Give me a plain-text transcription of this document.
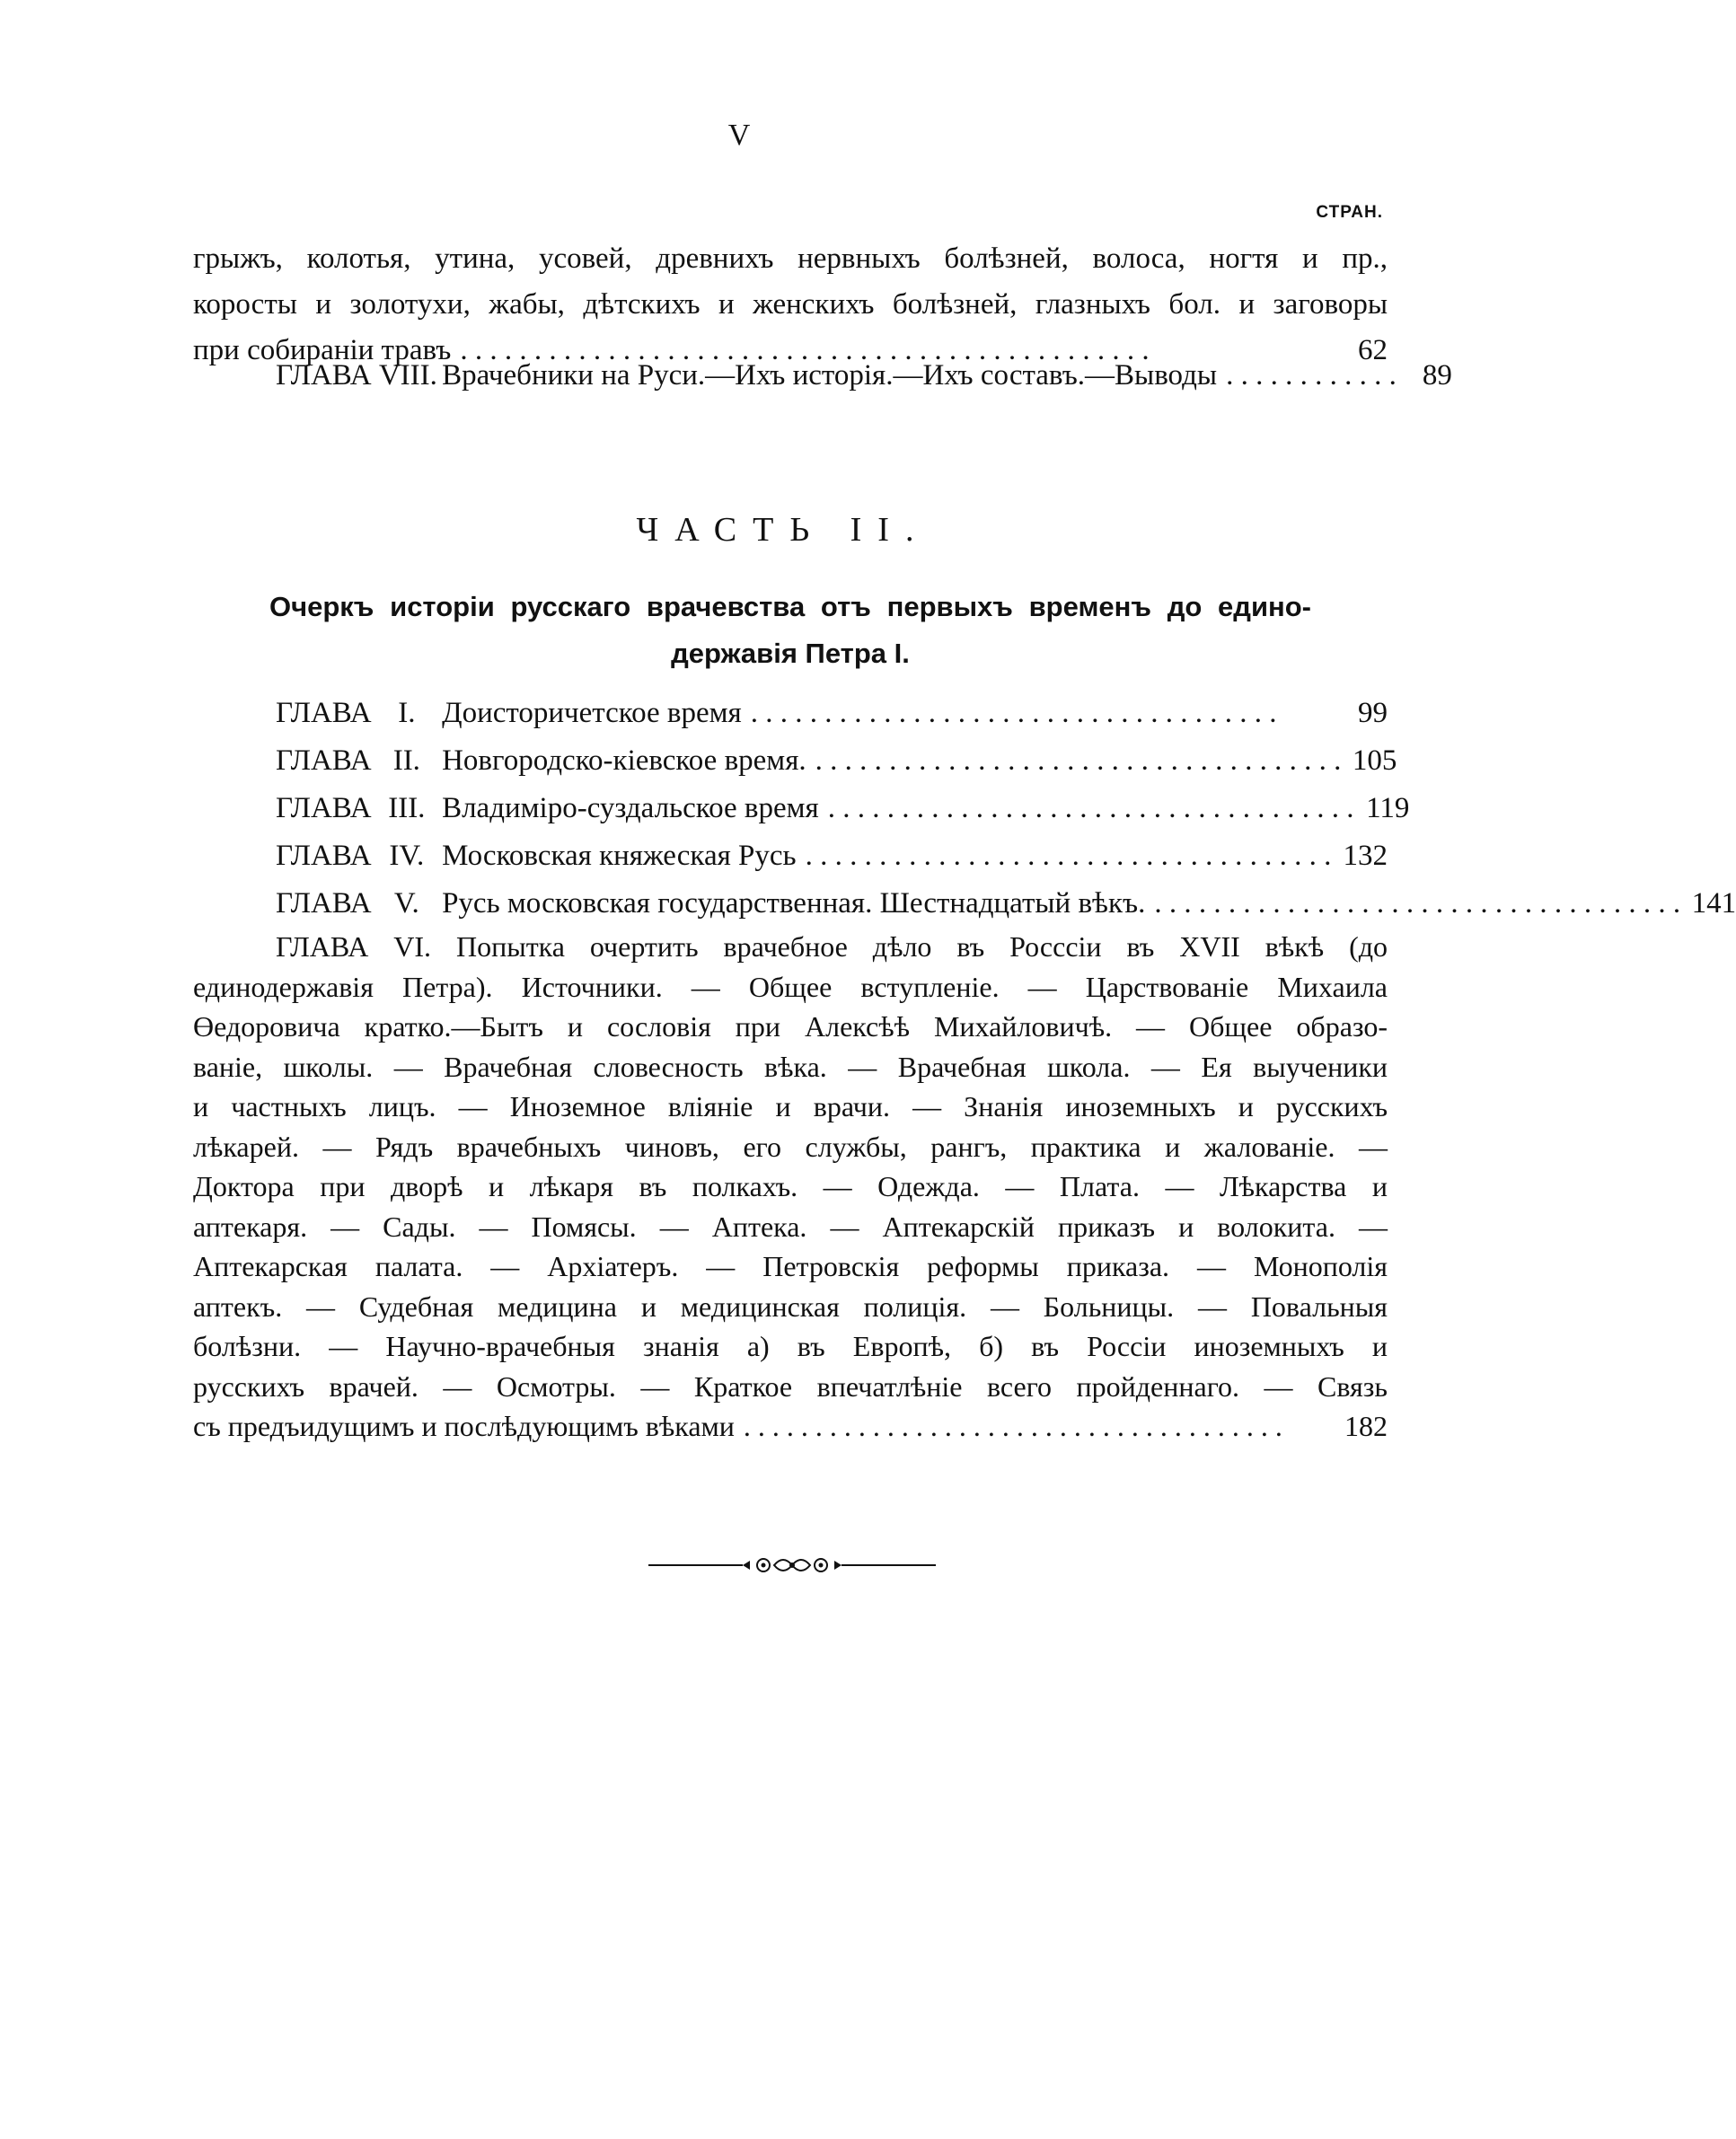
V
СТРАН.
грыжъ, колотья, утина, усовей, древнихъ нервныхъ болѣзней, волоса, ногтя и пр.,
коросты и золотухи, жабы, дѣтскихъ и женскихъ болѣзней, глазныхъ бол. и заговоры
при собираніи травъ . . . . . . . . . . . . . . . . . . . . . . . . . . . . . . . . . . . . . . . . . . . . . . .	62
ГЛАВА VIII. Врачебники на Руси.—Ихъ исторія.—Ихъ составъ.—Выводы . . . . . . . . . . . . 89
ЧАСТЬ II.
Очеркъ исторіи русскаго врачевства отъ первыхъ временъ до едино-
державія Петра I.
ГЛАВА I. Доисторичетское время . . . . . . . . . . . . . . . . . . . . . . . . . . . . . . . . . . . .	99
ГЛАВА II. Новгородско-кіевское время. . . . . . . . . . . . . . . . . . . . . . . . . . . . . . . . . . . . . 105
ГЛАВА III. Владиміро-суздальское время . . . . . . . . . . . . . . . . . . . . . . . . . . . . . . . . . . . . 119
ГЛАВА IV. Московская княжеская Русь . . . . . . . . . . . . . . . . . . . . . . . . . . . . . . . . . . . . 132
ГЛАВА V. Русь московская государственная. Шестнадцатый вѣкъ. . . . . . . . . . . . . . . . . . . . . . . . . . . . . . . . . . . . . 141
ГЛАВА VI. Попытка очертить врачебное дѣло въ Росссіи въ XVII вѣкѣ (до
единодержавія Петра). Источники. — Общее вступленіе. — Царствованіе Михаила
Өедоровича кратко.—Бытъ и сословія при Алексѣѣ Михайловичѣ. — Общее образо-
ваніе, школы. — Врачебная словесность вѣка. — Врачебная школа. — Ея выученики
и частныхъ лицъ. — Иноземное вліяніе и врачи. — Знанія иноземныхъ и русскихъ
лѣкарей. — Рядъ врачебныхъ чиновъ, его службы, рангъ, практика и жалованіе. —
Доктора при дворѣ и лѣкаря въ полкахъ. — Одежда. — Плата. — Лѣкарства и
аптекаря. — Сады. — Помясы. — Аптека. — Аптекарскій приказъ и волокита. —
Аптекарская палата. — Архіатеръ. — Петровскія реформы приказа. — Монополія
аптекъ. — Судебная медицина и медицинская полиція. — Больницы. — Повальныя
болѣзни. — Научно-врачебныя знанія а) въ Европѣ, б) въ Россіи иноземныхъ и
русскихъ врачей. — Осмотры. — Краткое впечатлѣніе всего пройденнаго. — Связь
съ предъидущимъ и послѣдующимъ вѣками . . . . . . . . . . . . . . . . . . . . . . . . . . . . . . . . . . . . . .	182
